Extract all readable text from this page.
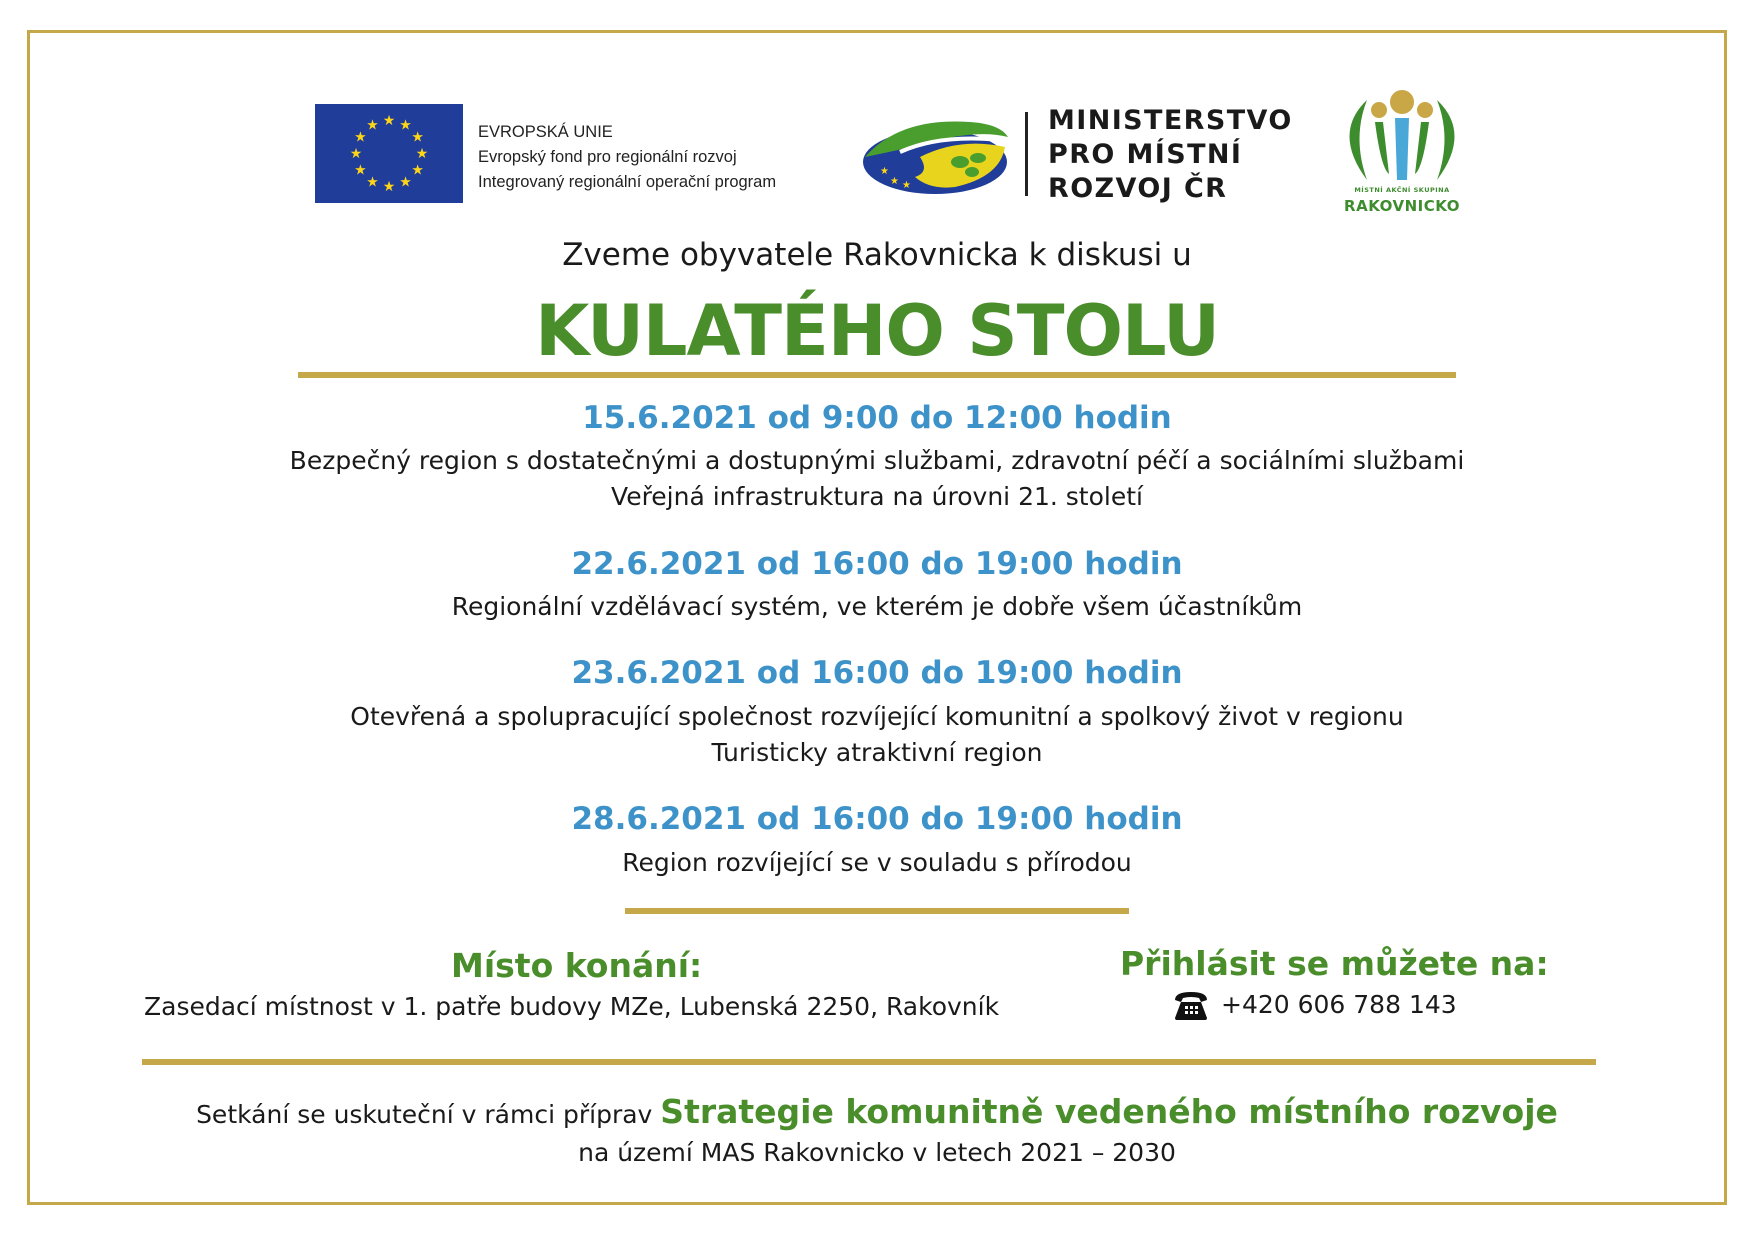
★ ★
★
★
★
★
★
★
★
★
★
★	EVROPSKÁ UNIE
Evropský fond pro regionální rozvoj
Integrovaný regionální operační program
★
★ ★
MINISTERSTVO
PRO MÍSTNÍ
ROZVOJ ČR	MÍSTNÍ AKČNÍ SKUPINA
RAKOVNICKO
Zveme obyvatele Rakovnicka k diskusi u
KULATÉHO STOLU
15.6.2021 od 9:00 do 12:00 hodin
Bezpečný region s dostatečnými a dostupnými službami, zdravotní péčí a sociálními službami
Veřejná infrastruktura na úrovni 21. století
22.6.2021 od 16:00 do 19:00 hodin
Regionální vzdělávací systém, ve kterém je dobře všem účastníkům
23.6.2021 od 16:00 do 19:00 hodin
Otevřená a spolupracující společnost rozvíjející komunitní a spolkový život v regionu
Turisticky atraktivní region
28.6.2021 od 16:00 do 19:00 hodin
Region rozvíjející se v souladu s přírodou
Místo konání:
Zasedací místnost v 1. patře budovy MZe, Lubenská 2250, Rakovník
Přihlásit se můžete na:
+420 606 788 143
Setkání se uskuteční v rámci příprav Strategie komunitně vedeného místního rozvoje
na území MAS Rakovnicko v letech 2021 – 2030
